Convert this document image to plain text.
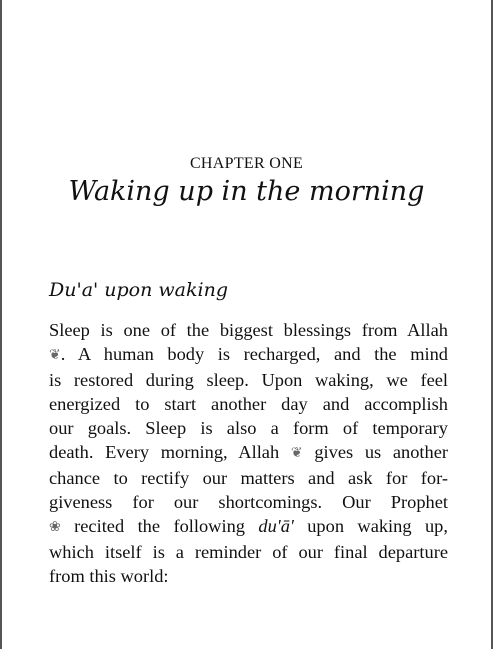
CHAPTER ONE
Waking up in the morning
Du'a' upon waking
Sleep is one of the biggest blessings from Allah
❦. A human body is recharged, and the mind
is restored during sleep. Upon waking, we feel
energized to start another day and accomplish
our goals. Sleep is also a form of temporary
death. Every morning, Allah ❦ gives us another
chance to rectify our matters and ask for for-
giveness for our shortcomings. Our Prophet
❀ recited the following du'ā' upon waking up,
which itself is a reminder of our final departure
from this world:
